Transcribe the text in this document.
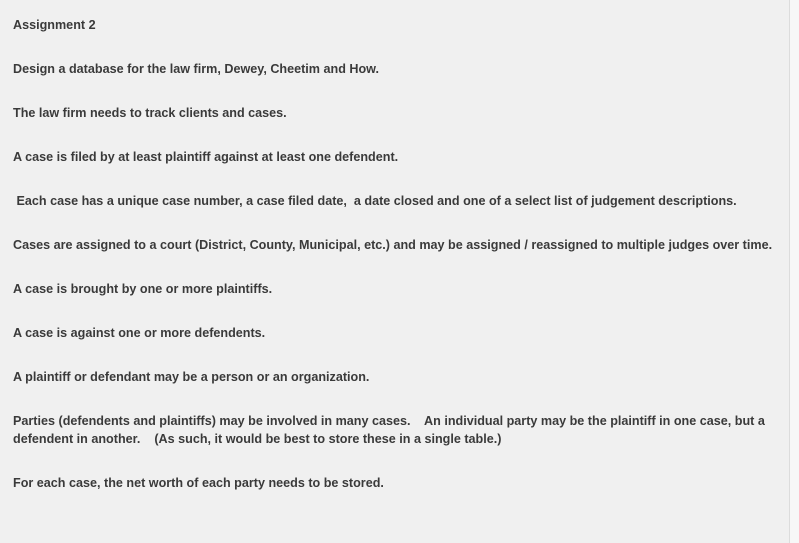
Assignment 2

Design a database for the law firm, Dewey, Cheetim and How.

The law firm needs to track clients and cases.

A case is filed by at least plaintiff against at least one defendent.

Each case has a unique case number, a case filed date,  a date closed and one of a select list of judgement descriptions.

Cases are assigned to a court (District, County, Municipal, etc.) and may be assigned / reassigned to multiple judges over time.

A case is brought by one or more plaintiffs.

A case is against one or more defendents.

A plaintiff or defendant may be a person or an organization.

Parties (defendents and plaintiffs) may be involved in many cases.    An individual party may be the plaintiff in one case, but a defendent in another.    (As such, it would be best to store these in a single table.)

For each case, the net worth of each party needs to be stored.
